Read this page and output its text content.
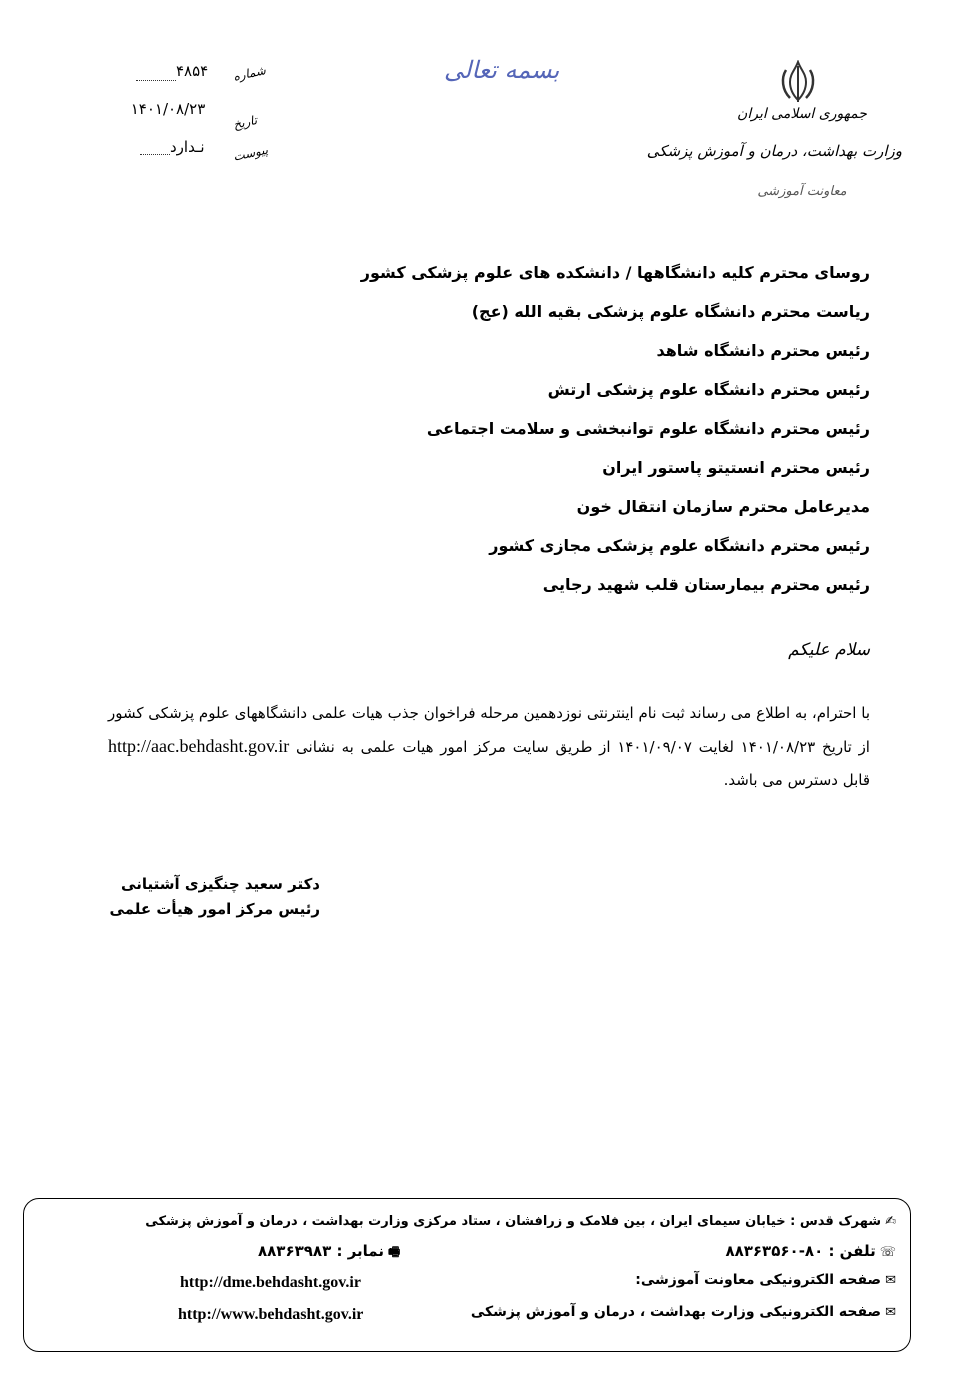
جمهوری اسلامی ایران
وزارت بهداشت، درمان و آموزش پزشکی
معاونت آموزشی
بسمه تعالی
شماره
۴۸۵۴
تاریخ
۱۴۰۱/۰۸/۲۳
پیوست
نـدارد
روسای محترم کلیه دانشگاهها / دانشکده های علوم پزشکی کشور
ریاست محترم دانشگاه علوم پزشکی بقیه الله (عج)
رئیس محترم دانشگاه شاهد
رئیس محترم دانشگاه علوم پزشکی ارتش
رئیس محترم دانشگاه علوم توانبخشی و سلامت اجتماعی
رئیس محترم انستیتو پاستور ایران
مدیرعامل محترم سازمان انتقال خون
رئیس محترم دانشگاه علوم پزشکی مجازی کشور
رئیس محترم بیمارستان قلب شهید رجایی
سلام علیکم
با احترام، به اطلاع می رساند ثبت نام اینترنتی نوزدهمین مرحله فراخوان جذب هیات علمی دانشگاههای علوم پزشکی کشور از تاریخ ۱۴۰۱/۰۸/۲۳ لغایت ۱۴۰۱/۰۹/۰۷ از طریق سایت مرکز امور هیات علمی به نشانی http://aac.behdasht.gov.ir قابل دسترس می باشد.
دکتر سعید چنگیزی آشتیانی
رئیس مرکز امور هیأت علمی
✍شهرک قدس : خیابان سیمای ایران ، بین فلامک و زرافشان ، ستاد مرکزی وزارت بهداشت ، درمان و آموزش پزشکی
☏تلفن : ۸۰-۸۸۳۶۳۵۶۰
🖷نمابر : ۸۸۳۶۳۹۸۳
✉صفحه الکترونیکی معاونت آموزشی:
http://dme.behdasht.gov.ir
✉صفحه الکترونیکی وزارت بهداشت ، درمان و آموزش پزشکی
http://www.behdasht.gov.ir
